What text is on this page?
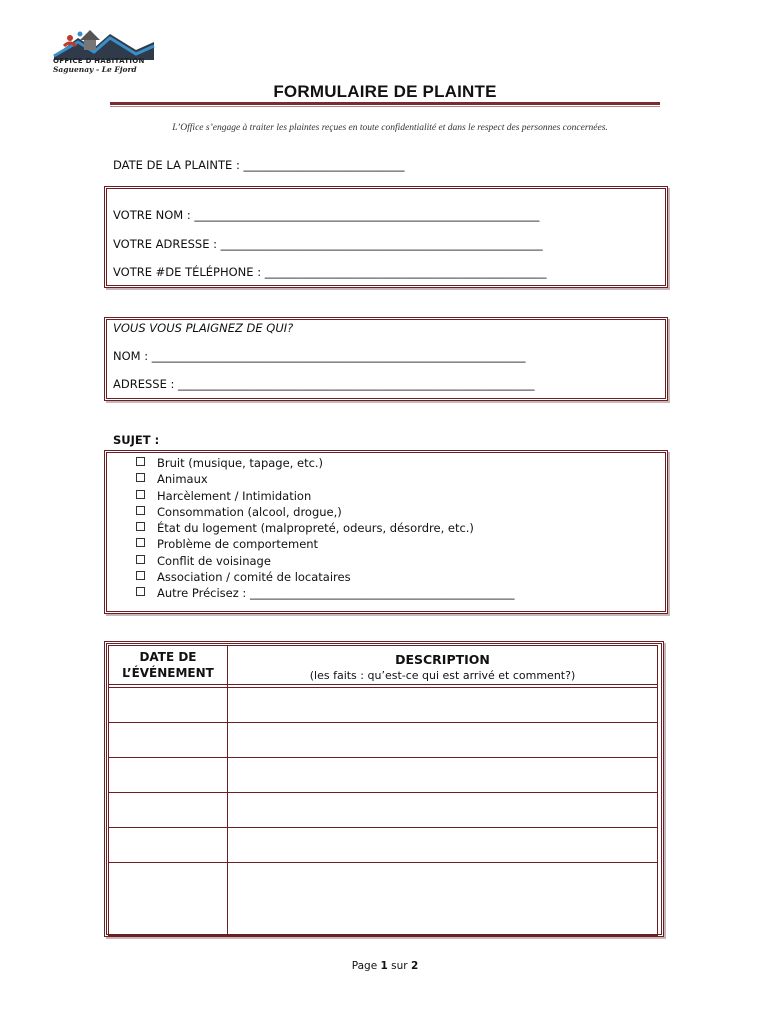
OFFICE D'HABITATION
Saguenay - Le Fjord
FORMULAIRE DE PLAINTE
L’Office s’engage à traiter les plaintes reçues en toute confidentialité et dans le respect des personnes concernées.
DATE DE LA PLAINTE : ____________________________
VOTRE NOM : ____________________________________________________________
VOTRE ADRESSE : ________________________________________________________
VOTRE #DE TÉLÉPHONE : _________________________________________________
VOUS VOUS PLAIGNEZ DE QUI?
NOM : _________________________________________________________________
ADRESSE : ______________________________________________________________
SUJET :
Bruit (musique, tapage, etc.)
Animaux
Harcèlement / Intimidation
Consommation (alcool, drogue,)
État du logement (malpropreté, odeurs, désordre, etc.)
Problème de comportement
Conflit de voisinage
Association / comité de locataires
Autre Précisez : ______________________________________________
DATE DE
L’ÉVÉNEMENT	DESCRIPTION
(les faits : qu’est-ce qui est arrivé et comment?)

Page 1 sur 2
